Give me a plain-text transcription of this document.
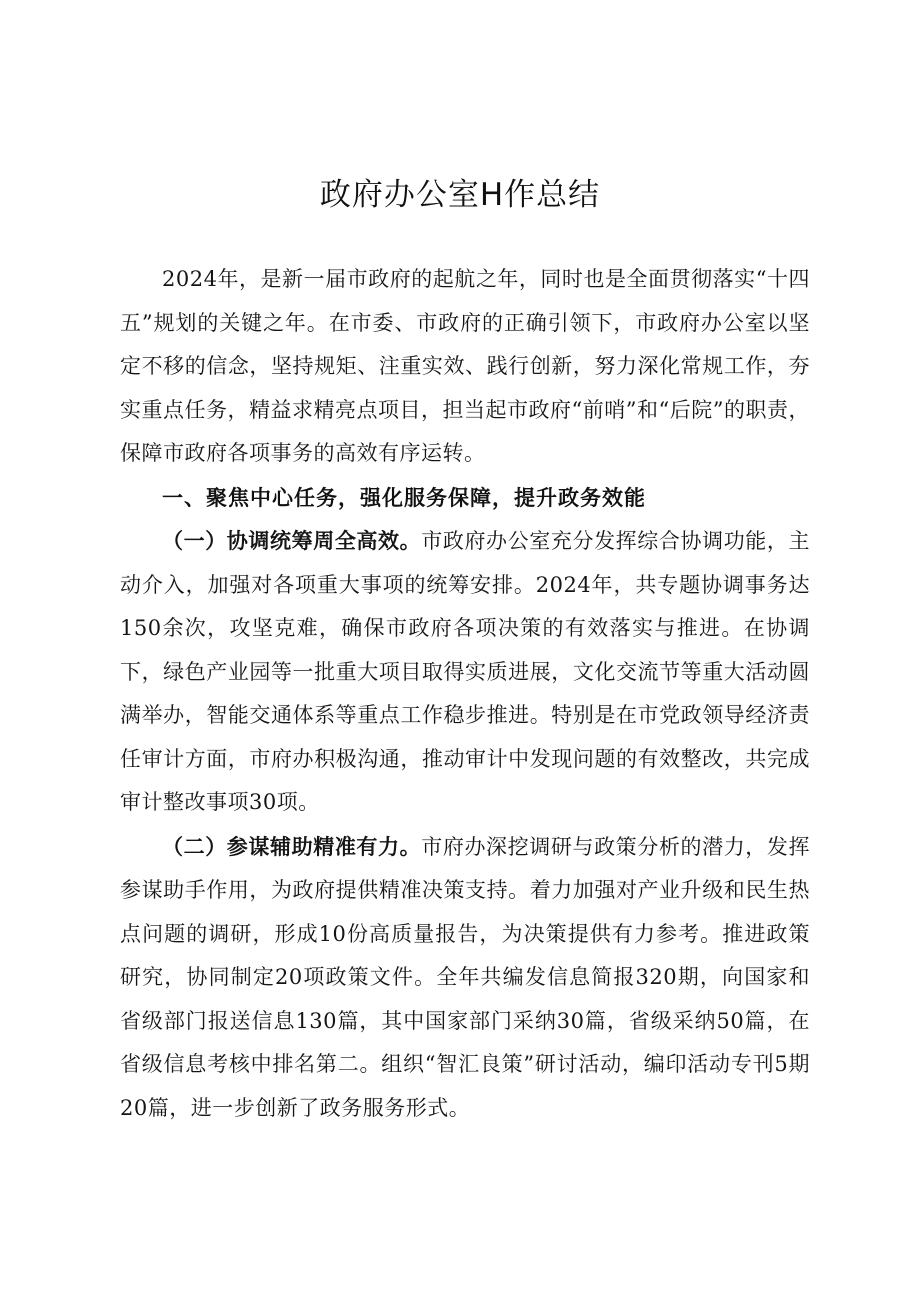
政府办公室H作总结

2024年，是新一届市政府的起航之年，同时也是全面贯彻落实“十四五”规划的关键之年。在市委、市政府的正确引领下，市政府办公室以坚定不移的信念，坚持规矩、注重实效、践行创新，努力深化常规工作，夯实重点任务，精益求精亮点项目，担当起市政府“前哨”和“后院”的职责，保障市政府各项事务的高效有序运转。

一、聚焦中心任务，强化服务保障，提升政务效能

（一）协调统筹周全高效。市政府办公室充分发挥综合协调功能，主动介入，加强对各项重大事项的统筹安排。2024年，共专题协调事务达150余次，攻坚克难，确保市政府各项决策的有效落实与推进。在协调下，绿色产业园等一批重大项目取得实质进展，文化交流节等重大活动圆满举办，智能交通体系等重点工作稳步推进。特别是在市党政领导经济责任审计方面，市府办积极沟通，推动审计中发现问题的有效整改，共完成审计整改事项30项。

（二）参谋辅助精准有力。市府办深挖调研与政策分析的潜力，发挥参谋助手作用，为政府提供精准决策支持。着力加强对产业升级和民生热点问题的调研，形成10份高质量报告，为决策提供有力参考。推进政策研究，协同制定20项政策文件。全年共编发信息简报320期，向国家和省级部门报送信息130篇，其中国家部门采纳30篇，省级采纳50篇，在省级信息考核中排名第二。组织“智汇良策”研讨活动，编印活动专刊5期20篇，进一步创新了政务服务形式。
